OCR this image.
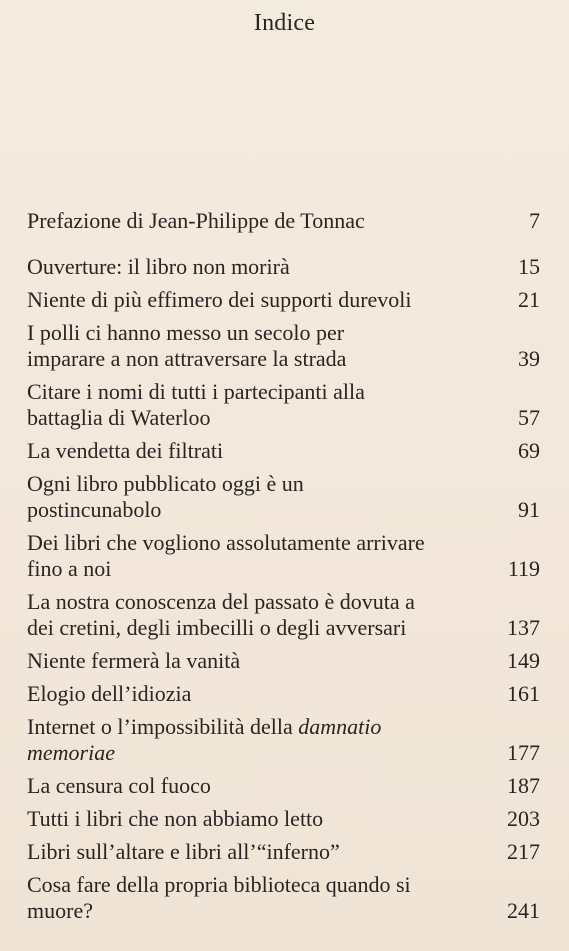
Indice
Prefazione di Jean-Philippe de Tonnac	7
Ouverture: il libro non morirà	15
Niente di più effimero dei supporti durevoli	21
I polli ci hanno messo un secolo per
imparare a non attraversare la strada	39
Citare i nomi di tutti i partecipanti alla
battaglia di Waterloo	57
La vendetta dei filtrati	69
Ogni libro pubblicato oggi è un
postincunabolo	91
Dei libri che vogliono assolutamente arrivare
fino a noi	119
La nostra conoscenza del passato è dovuta a
dei cretini, degli imbecilli o degli avversari	137
Niente fermerà la vanità	149
Elogio dell’idiozia	161
Internet o l’impossibilità della damnatio
memoriae	177
La censura col fuoco	187
Tutti i libri che non abbiamo letto	203
Libri sull’altare e libri all’“inferno”	217
Cosa fare della propria biblioteca quando si
muore?	241
